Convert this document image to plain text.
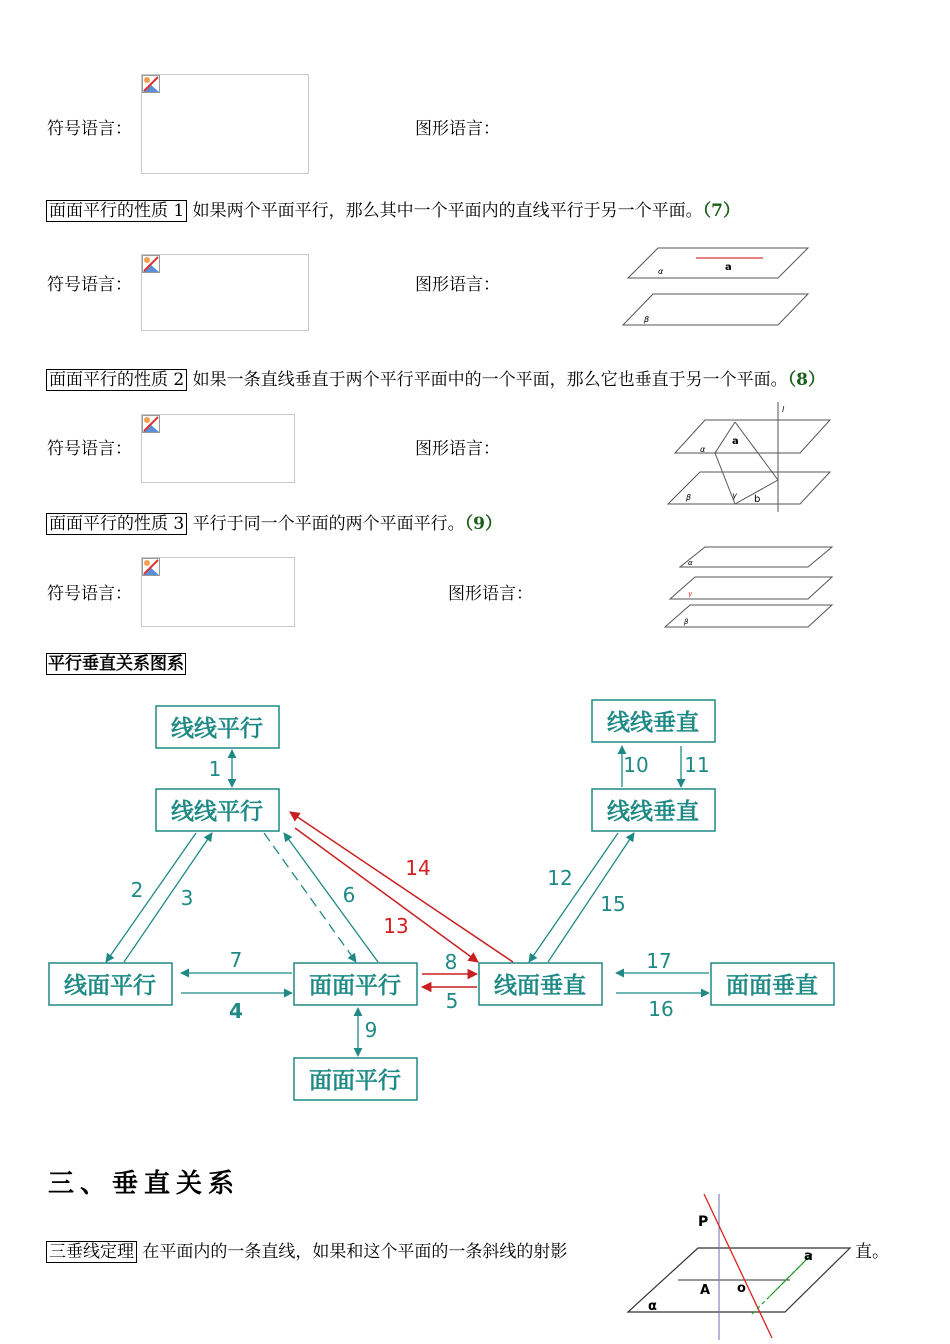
符号语言：	图形语言：
面面平行的性质 1 如果两个平面平行，那么其中一个平面内的直线平行于另一个平面。（7）
符号语言：	图形语言：
a
α
β
面面平行的性质 2 如果一条直线垂直于两个平行平面中的一个平面，那么它也垂直于另一个平面。（8）
符号语言：	图形语言：
l
a
α
β	γ b
面面平行的性质 3 平行于同一个平面的两个平面平行。（9）
符号语言：	图形语言：
α
γ
β
平行垂直关系图系
线线平行
线线平行
线面平行	面面平行
面面平行
线面垂直
线线垂直
线线垂直
面面垂直
1
2 3	6
7
4
8
5
9
10 11
12
15
17
16
14
13
三、垂直关系
三垂线定理 在平面内的一条直线，如果和这个平面的一条斜线的射影	直。
P
a
A o
α
